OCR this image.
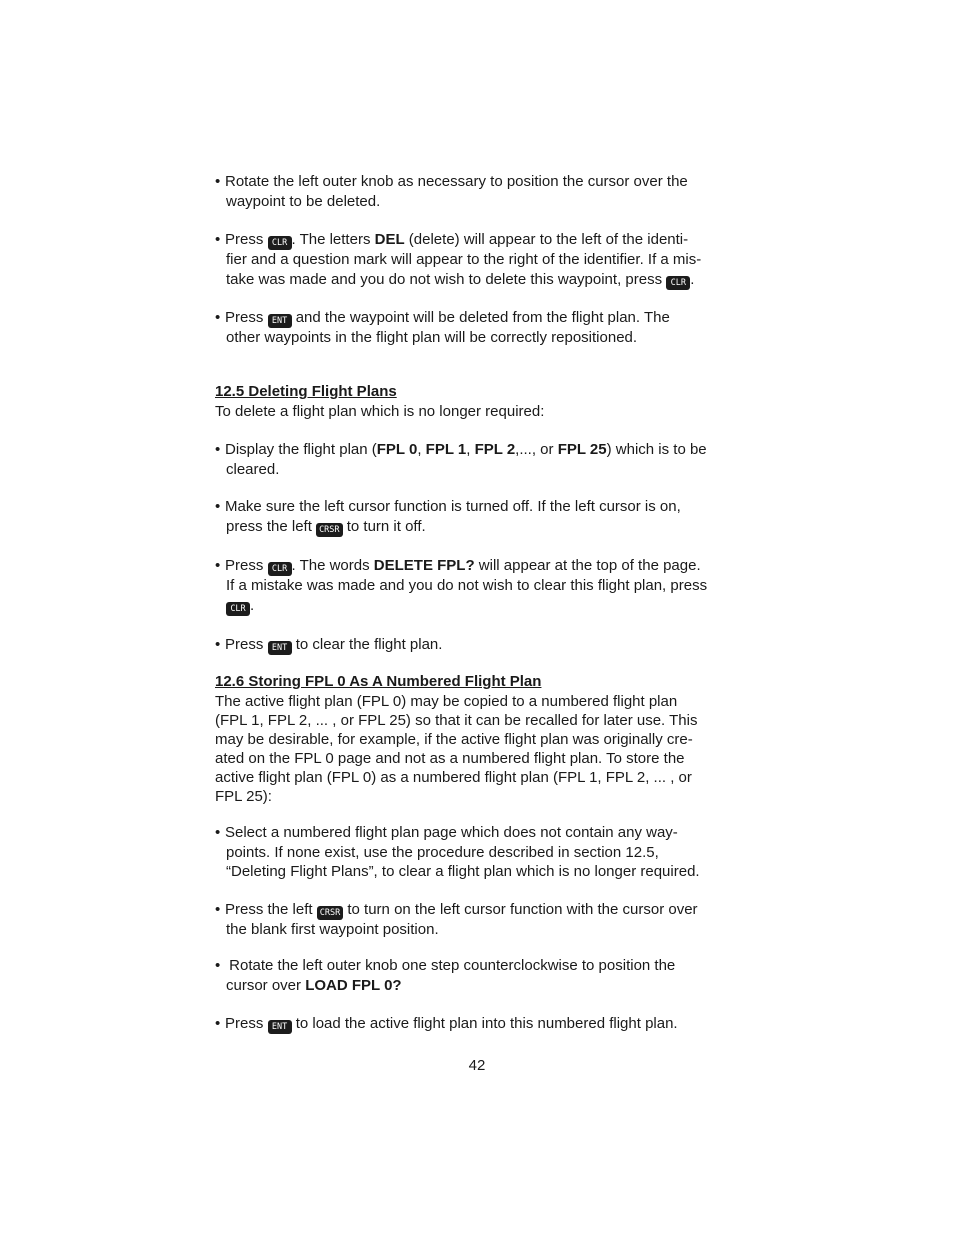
• Rotate the left outer knob as necessary to position the cursor over the
waypoint to be deleted.
• Press CLR . The letters DEL (delete) will appear to the left of the identi-
fier and a question mark will appear to the right of the identifier. If a mis-
take was made and you do not wish to delete this waypoint, press CLR .
• Press ENT and the waypoint will be deleted from the flight plan. The
other waypoints in the flight plan will be correctly repositioned.
12.5 Deleting Flight Plans
To delete a flight plan which is no longer required:
• Display the flight plan (FPL 0, FPL 1, FPL 2,..., or FPL 25) which is to be
cleared.
• Make sure the left cursor function is turned off. If the left cursor is on,
press the left CRSR to turn it off.
• Press CLR . The words DELETE FPL? will appear at the top of the page.
If a mistake was made and you do not wish to clear this flight plan, press
CLR .
• Press ENT to clear the flight plan.
12.6 Storing FPL 0 As A Numbered Flight Plan
The active flight plan (FPL 0) may be copied to a numbered flight plan
(FPL 1, FPL 2, ... , or FPL 25) so that it can be recalled for later use. This
may be desirable, for example, if the active flight plan was originally cre-
ated on the FPL 0 page and not as a numbered flight plan. To store the
active flight plan (FPL 0) as a numbered flight plan (FPL 1, FPL 2, ... , or
FPL 25):
• Select a numbered flight plan page which does not contain any way-
points. If none exist, use the procedure described in section 12.5,
“Deleting Flight Plans”, to clear a flight plan which is no longer required.
• Press the left CRSR to turn on the left cursor function with the cursor over
the blank first waypoint position.
• Rotate the left outer knob one step counterclockwise to position the
cursor over LOAD FPL 0?
• Press ENT to load the active flight plan into this numbered flight plan.
42
